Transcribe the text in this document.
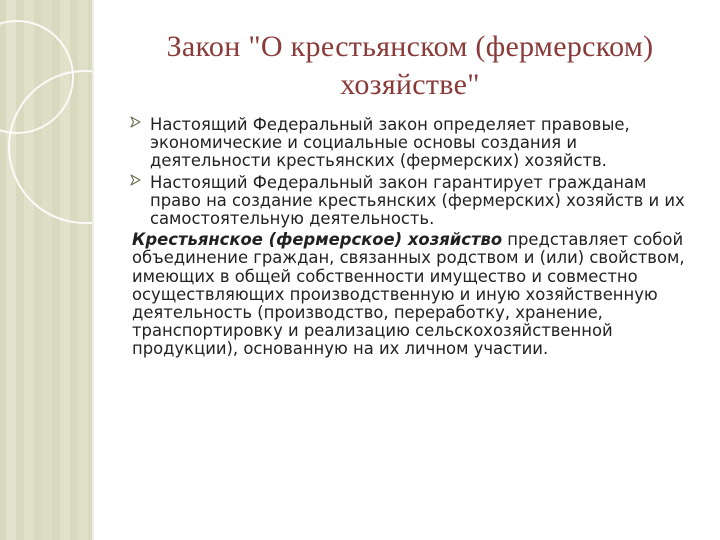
Закон "О крестьянском (фермерском)
хозяйстве"
Настоящий Федеральный закон определяет правовые, экономические и социальные основы создания и деятельности крестьянских (фермерских) хозяйств.
Настоящий Федеральный закон гарантирует гражданам право на создание крестьянских (фермерских) хозяйств и их самостоятельную деятельность.
Крестьянское (фермерское) хозяйство представляет собой объединение граждан, связанных родством и (или) свойством, имеющих в общей собственности имущество и совместно осуществляющих производственную и иную хозяйственную деятельность (производство, переработку, хранение, транспортировку и реализацию сельскохозяйственной продукции), основанную на их личном участии.
